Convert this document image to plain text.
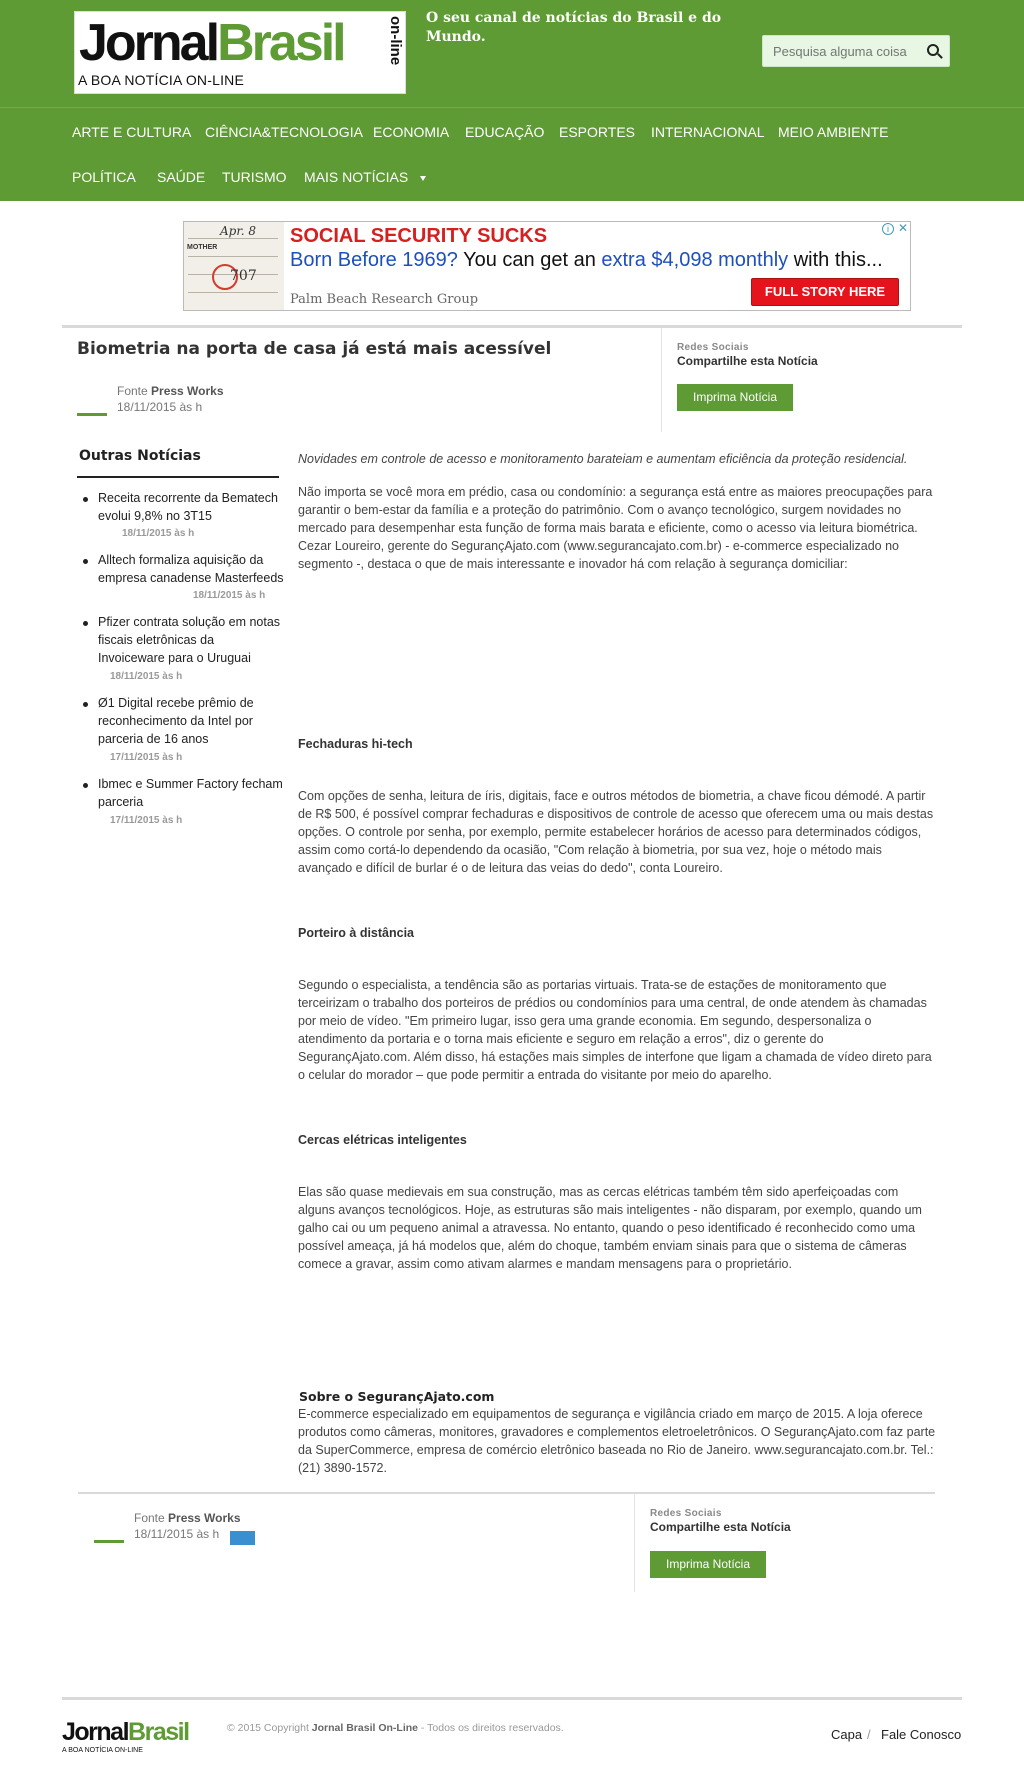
JornalBrasil	on-line
A BOA NOTÍCIA ON-LINE
O seu canal de notícias do Brasil e do Mundo.
Pesquisa alguma coisa
ARTE E CULTURA CIÊNCIA&TECNOLOGIA ECONOMIA EDUCAÇÃO ESPORTES INTERNACIONAL MEIO AMBIENTE
POLÍTICA SAÚDE TURISMO MAIS NOTÍCIAS
Apr. 8
MOTHER
707
SOCIAL SECURITY SUCKS
Born Before 1969? You can get an extra $4,098 monthly with this...
Palm Beach Research Group
FULL STORY HERE
i ✕
Biometria na porta de casa já está mais acessível
Fonte Press Works
18/11/2015 às h
Redes Sociais
Compartilhe esta Notícia
Imprima Notícia
Outras Notícias
Receita recorrente da Bematech evolui 9,8% no 3T15
18/11/2015 às h
Alltech formaliza aquisição da empresa canadense Masterfeeds
18/11/2015 às h
Pfizer contrata solução em notas fiscais eletrônicas da Invoiceware para o Uruguai
18/11/2015 às h
Ø1 Digital recebe prêmio de reconhecimento da Intel por parceria de 16 anos
17/11/2015 às h
Ibmec e Summer Factory fecham parceria
17/11/2015 às h
Novidades em controle de acesso e monitoramento barateiam e aumentam eficiência da proteção residencial.
Não importa se você mora em prédio, casa ou condomínio: a segurança está entre as maiores preocupações para garantir o bem-estar da família e a proteção do patrimônio. Com o avanço tecnológico, surgem novidades no mercado para desempenhar esta função de forma mais barata e eficiente, como o acesso via leitura biométrica. Cezar Loureiro, gerente do SegurançAjato.com (www.segurancajato.com.br) - e-commerce especializado no segmento -, destaca o que de mais interessante e inovador há com relação à segurança domiciliar:
Fechaduras hi-tech
Com opções de senha, leitura de íris, digitais, face e outros métodos de biometria, a chave ficou démodé. A partir de R$ 500, é possível comprar fechaduras e dispositivos de controle de acesso que oferecem uma ou mais destas opções. O controle por senha, por exemplo, permite estabelecer horários de acesso para determinados códigos, assim como cortá-lo dependendo da ocasião, "Com relação à biometria, por sua vez, hoje o método mais avançado e difícil de burlar é o de leitura das veias do dedo", conta Loureiro.
Porteiro à distância
Segundo o especialista, a tendência são as portarias virtuais. Trata-se de estações de monitoramento que terceirizam o trabalho dos porteiros de prédios ou condomínios para uma central, de onde atendem às chamadas por meio de vídeo. "Em primeiro lugar, isso gera uma grande economia. Em segundo, despersonaliza o atendimento da portaria e o torna mais eficiente e seguro em relação a erros", diz o gerente do SegurançAjato.com. Além disso, há estações mais simples de interfone que ligam a chamada de vídeo direto para o celular do morador – que pode permitir a entrada do visitante por meio do aparelho.
Cercas elétricas inteligentes
Elas são quase medievais em sua construção, mas as cercas elétricas também têm sido aperfeiçoadas com alguns avanços tecnológicos. Hoje, as estruturas são mais inteligentes - não disparam, por exemplo, quando um galho cai ou um pequeno animal a atravessa. No entanto, quando o peso identificado é reconhecido como uma possível ameaça, já há modelos que, além do choque, também enviam sinais para que o sistema de câmeras comece a gravar, assim como ativam alarmes e mandam mensagens para o proprietário.
Sobre o SegurançAjato.com
E-commerce especializado em equipamentos de segurança e vigilância criado em março de 2015. A loja oferece produtos como câmeras, monitores, gravadores e complementos eletroeletrônicos. O SegurançAjato.com faz parte da SuperCommerce, empresa de comércio eletrônico baseada no Rio de Janeiro. www.segurancajato.com.br. Tel.: (21) 3890-1572.
Fonte Press Works
18/11/2015 às h
Redes Sociais
Compartilhe esta Notícia
Imprima Notícia
JornalBrasil
A BOA NOTÍCIA ON-LINE
© 2015 Copyright Jornal Brasil On-Line - Todos os direitos reservados.	Capa / Fale Conosco
